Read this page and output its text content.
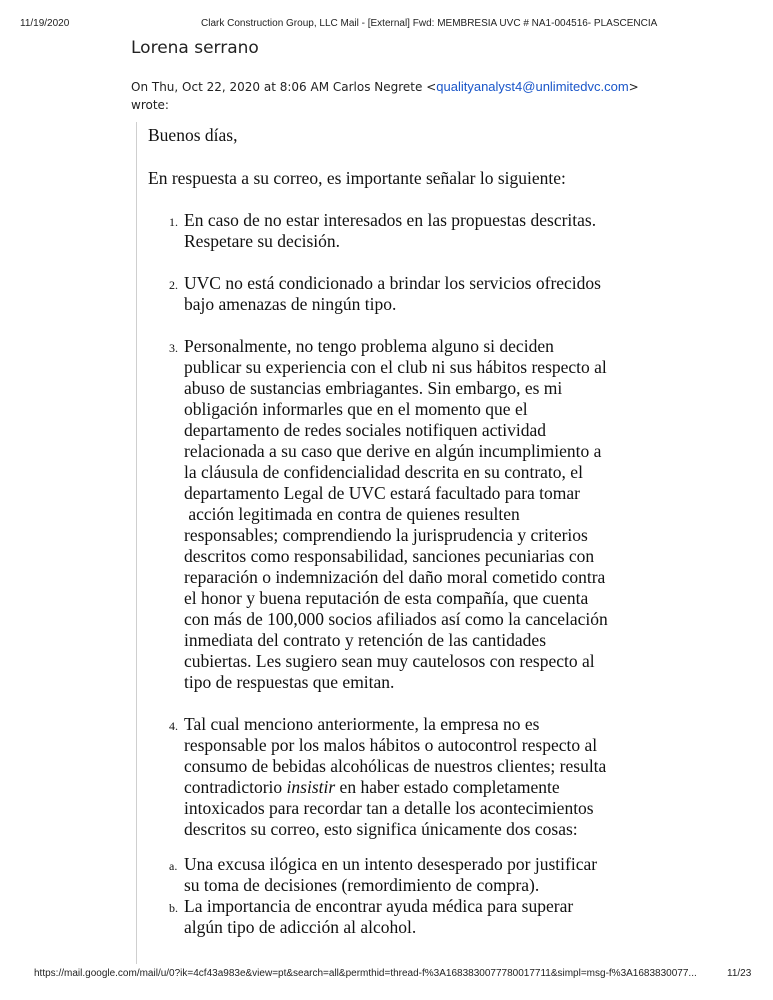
11/19/2020	Clark Construction Group, LLC Mail - [External] Fwd: MEMBRESIA UVC # NA1-004516- PLASCENCIA
Lorena serrano
On Thu, Oct 22, 2020 at 8:06 AM Carlos Negrete <qualityanalyst4@unlimitedvc.com>
wrote:
Buenos días,
En respuesta a su correo, es importante señalar lo siguiente:
1. En caso de no estar interesados en las propuestas descritas.
Respetare su decisión.
2. UVC no está condicionado a brindar los servicios ofrecidos
bajo amenazas de ningún tipo.
3. Personalmente, no tengo problema alguno si deciden
publicar su experiencia con el club ni sus hábitos respecto al
abuso de sustancias embriagantes. Sin embargo, es mi
obligación informarles que en el momento que el
departamento de redes sociales notifiquen actividad
relacionada a su caso que derive en algún incumplimiento a
la cláusula de confidencialidad descrita en su contrato, el
departamento Legal de UVC estará facultado para tomar
acción legitimada en contra de quienes resulten
responsables; comprendiendo la jurisprudencia y criterios
descritos como responsabilidad, sanciones pecuniarias con
reparación o indemnización del daño moral cometido contra
el honor y buena reputación de esta compañía, que cuenta
con más de 100,000 socios afiliados así como la cancelación
inmediata del contrato y retención de las cantidades
cubiertas. Les sugiero sean muy cautelosos con respecto al
tipo de respuestas que emitan.
4. Tal cual menciono anteriormente, la empresa no es
responsable por los malos hábitos o autocontrol respecto al
consumo de bebidas alcohólicas de nuestros clientes; resulta
contradictorio insistir en haber estado completamente
intoxicados para recordar tan a detalle los acontecimientos
descritos su correo, esto significa únicamente dos cosas:
a. Una excusa ilógica en un intento desesperado por justificar
su toma de decisiones (remordimiento de compra).
b. La importancia de encontrar ayuda médica para superar
algún tipo de adicción al alcohol.
https://mail.google.com/mail/u/0?ik=4cf43a983e&view=pt&search=all&permthid=thread-f%3A1683830077780017711&simpl=msg-f%3A1683830077...	11/23
